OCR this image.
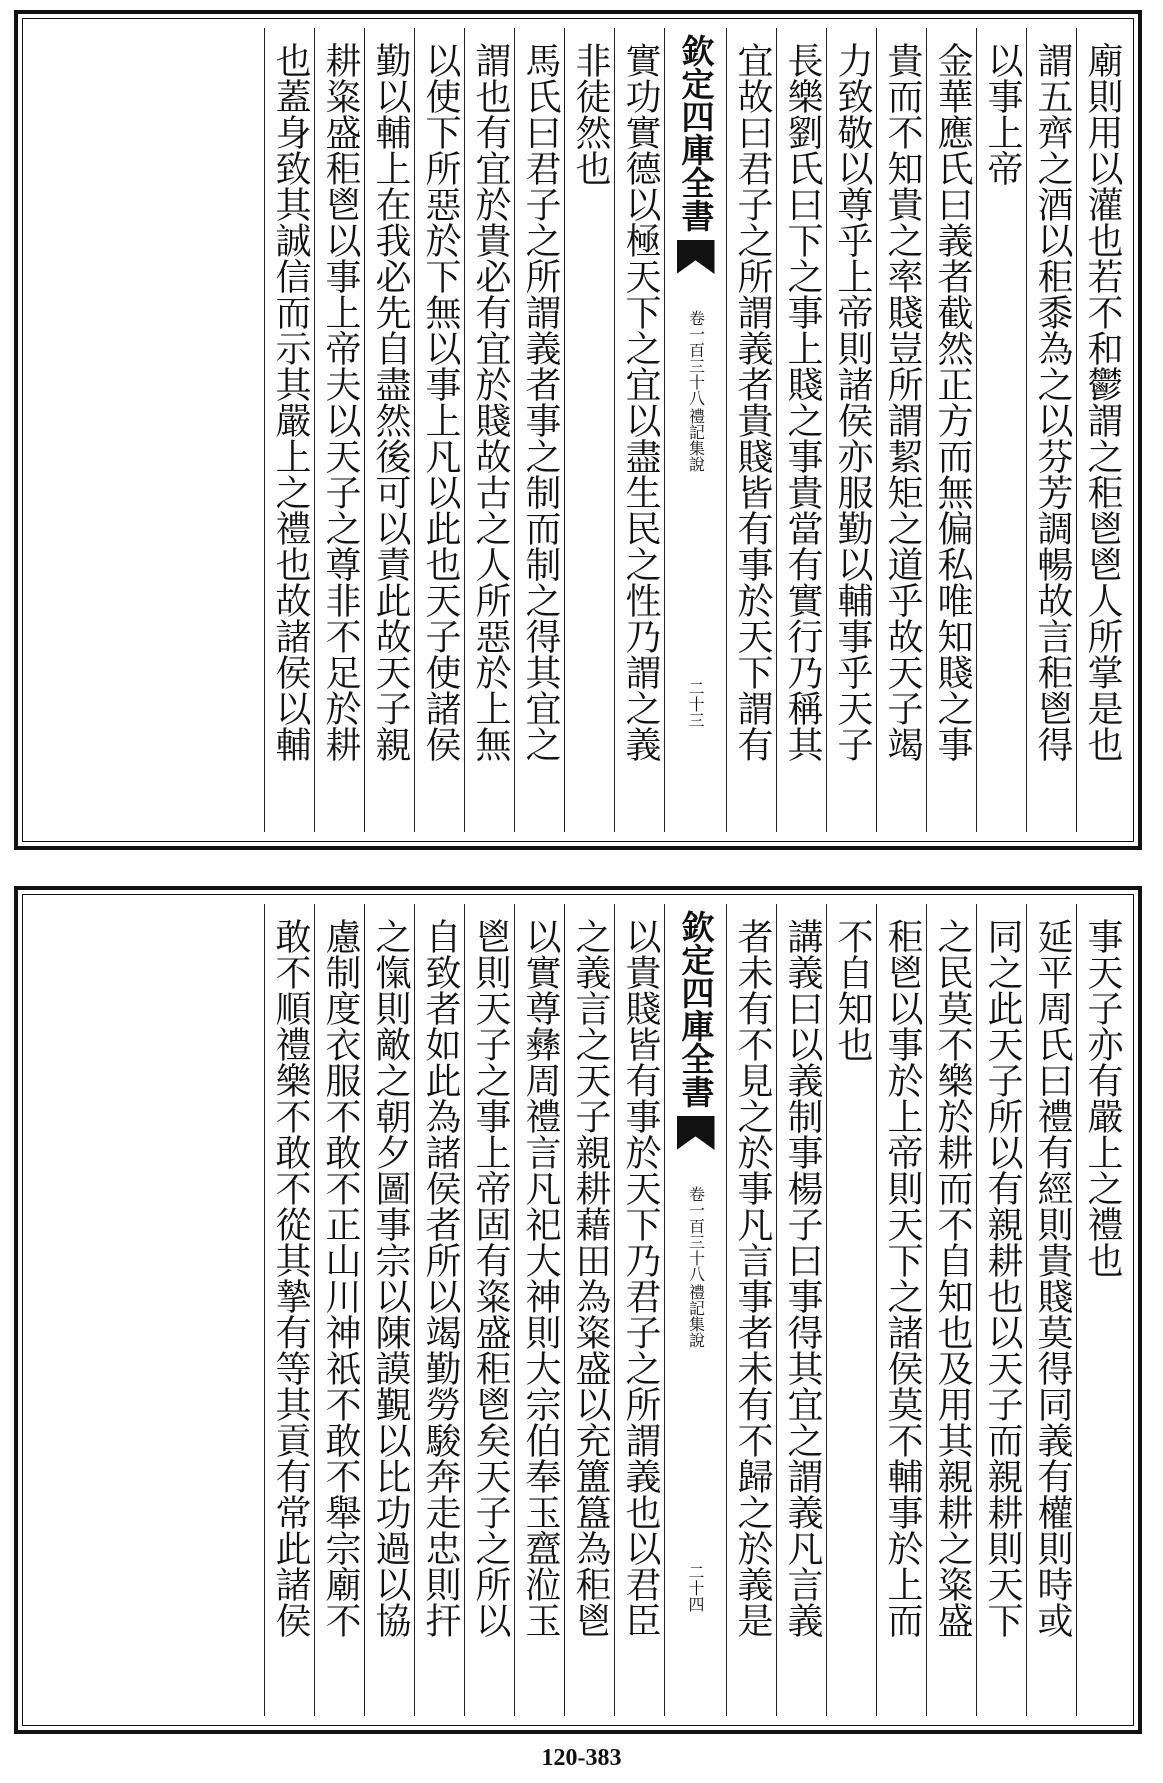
廟則用以灌也若不和鬱謂之秬鬯鬯人所掌是也
謂五齊之酒以秬黍為之以芬芳調暢故言秬鬯得
以事上帝
金華應氏曰義者截然正方而無偏私唯知賤之事
貴而不知貴之率賤豈所謂絜矩之道乎故天子竭
力致敬以尊乎上帝則諸侯亦服勤以輔事乎天子
長樂劉氏曰下之事上賤之事貴當有實行乃稱其
宜故曰君子之所謂義者貴賤皆有事於天下謂有
欽定四庫全書
禮記集說
卷一百三十八
二十三
實功實德以極天下之宜以盡生民之性乃謂之義
非徒然也
馬氏曰君子之所謂義者事之制而制之得其宜之
謂也有宜於貴必有宜於賤故古之人所惡於上無
以使下所惡於下無以事上凡以此也天子使諸侯
勤以輔上在我必先自盡然後可以責此故天子親
耕粢盛秬鬯以事上帝夫以天子之尊非不足於耕
也蓋身致其誠信而示其嚴上之禮也故諸侯以輔
事天子亦有嚴上之禮也
延平周氏曰禮有經則貴賤莫得同義有權則時或
同之此天子所以有親耕也以天子而親耕則天下
之民莫不樂於耕而不自知也及用其親耕之粢盛
秬鬯以事於上帝則天下之諸侯莫不輔事於上而
不自知也
講義曰以義制事楊子曰事得其宜之謂義凡言義
者未有不見之於事凡言事者未有不歸之於義是
欽定四庫全書
禮記集說
卷一百三十八
二十四
以貴賤皆有事於天下乃君子之所謂義也以君臣
之義言之天子親耕藉田為粢盛以充簠簋為秬鬯
以實尊彝周禮言凡祀大神則大宗伯奉玉齍涖玉
鬯則天子之事上帝固有粢盛秬鬯矣天子之所以
自致者如此為諸侯者所以竭勤勞駿奔走忠則扞
之愾則敵之朝夕圖事宗以陳謨覲以比功過以協
慮制度衣服不敢不正山川神祇不敢不舉宗廟不
敢不順禮樂不敢不從其摯有等其貢有常此諸侯
120-383
